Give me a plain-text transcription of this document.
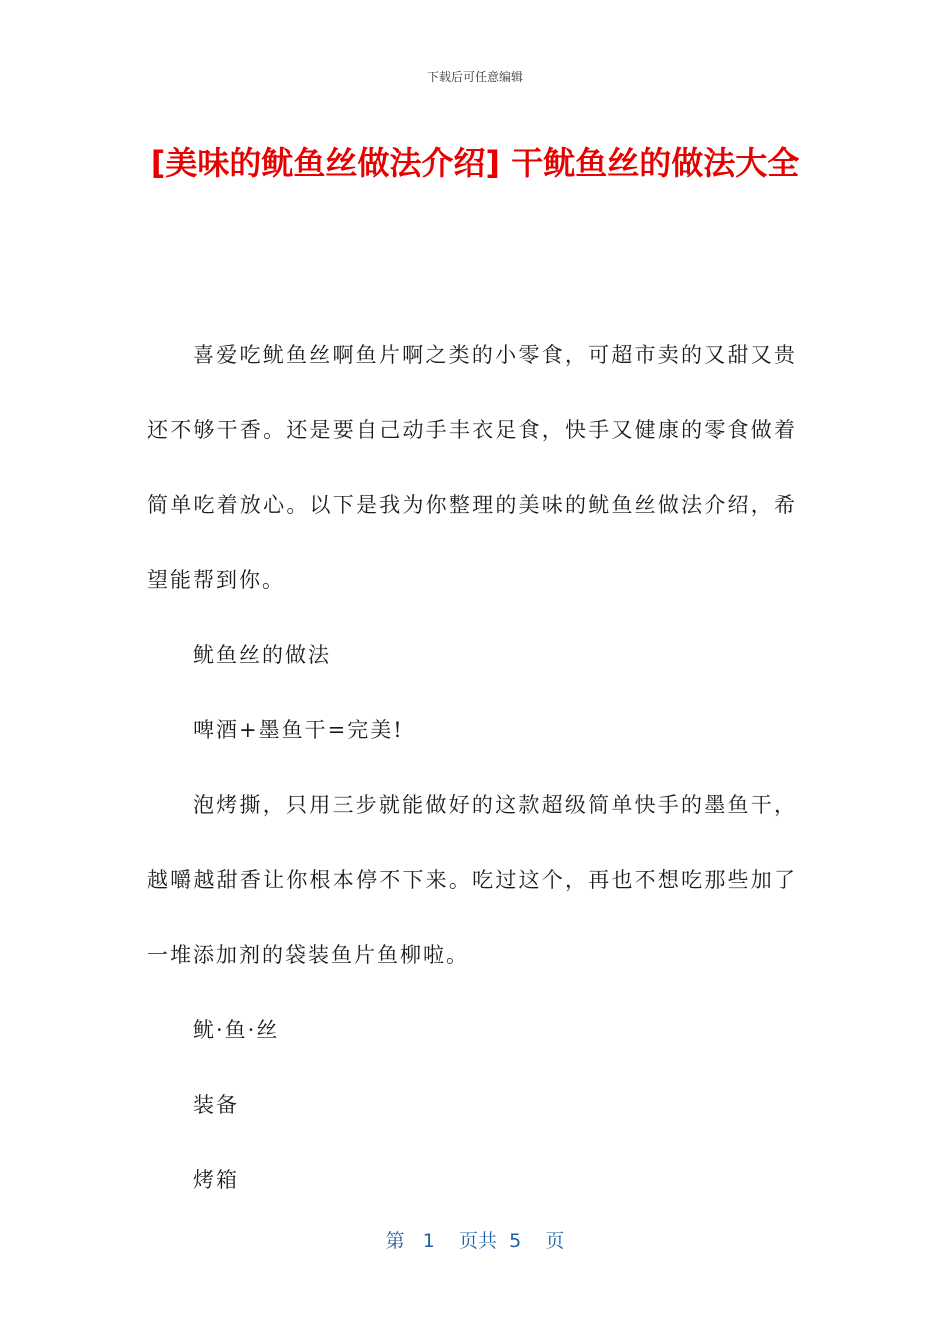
下载后可任意编辑
[美味的鱿鱼丝做法介绍] 干鱿鱼丝的做法大全

喜爱吃鱿鱼丝啊鱼片啊之类的小零食，可超市卖的又甜又贵还不够干香。还是要自己动手丰衣足食，快手又健康的零食做着简单吃着放心。以下是我为你整理的美味的鱿鱼丝做法介绍，希望能帮到你。

鱿鱼丝的做法

啤酒+墨鱼干=完美!

泡烤撕，只用三步就能做好的这款超级简单快手的墨鱼干，越嚼越甜香让你根本停不下来。吃过这个，再也不想吃那些加了一堆添加剂的袋装鱼片鱼柳啦。

鱿·鱼·丝

装备

烤箱

第 1 页共 5 页
